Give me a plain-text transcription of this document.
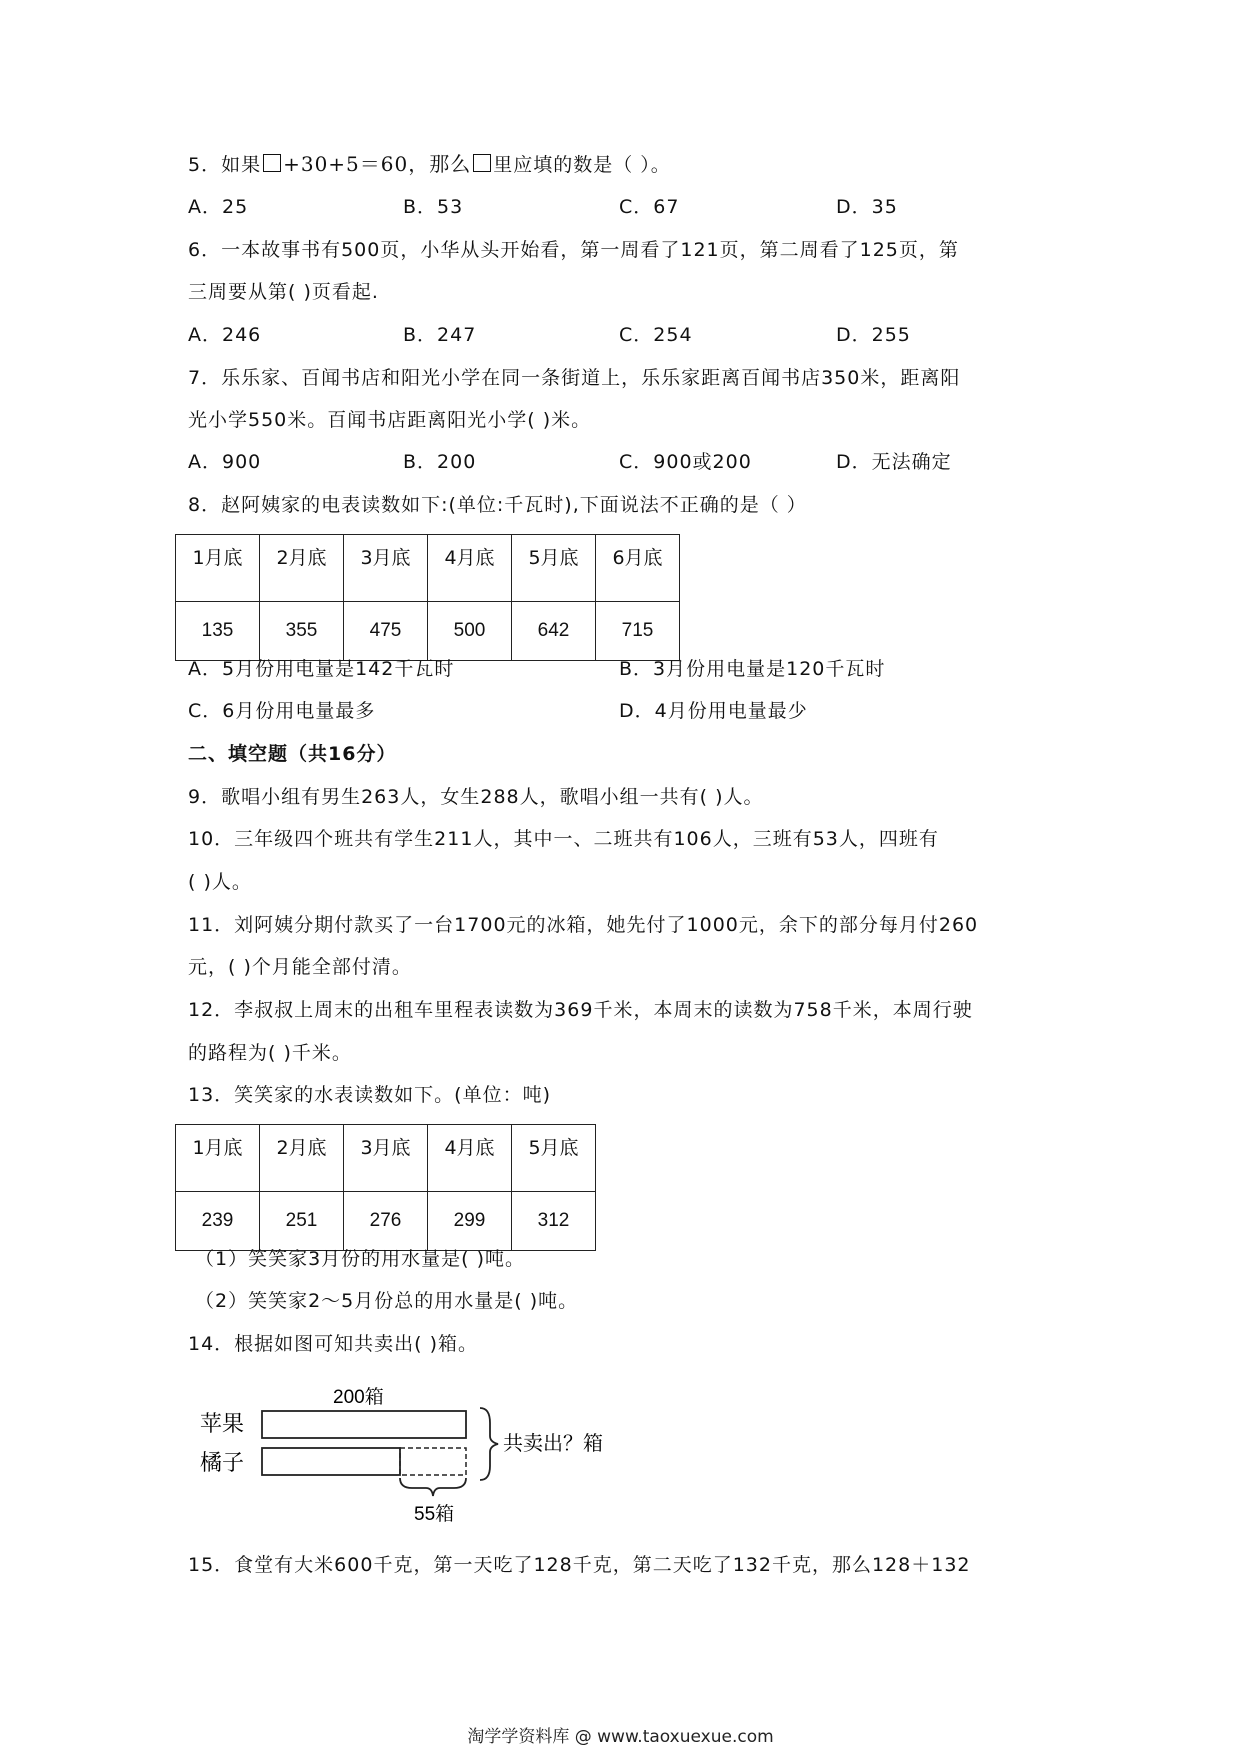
5．如果 +30+5＝60，那么 里应填的数是（ ）。
A．25	B．53	C．67	D．35
6．一本故事书有500页，小华从头开始看，第一周看了121页，第二周看了125页，第
三周要从第( )页看起.
A．246	B．247	C．254	D．255
7．乐乐家、百闻书店和阳光小学在同一条街道上，乐乐家距离百闻书店350米，距离阳
光小学550米。百闻书店距离阳光小学( )米。
A．900	B．200	C．900或200	D．无法确定
8．赵阿姨家的电表读数如下:(单位:千瓦时),下面说法不正确的是（ ）
1月底	2月底	3月底	4月底	5月底	6月底
135	355	475	500	642	715
A．5月份用电量是142千瓦时	B．3月份用电量是120千瓦时
C．6月份用电量最多	D．4月份用电量最少
二、填空题（共16分）
9．歌唱小组有男生263人，女生288人，歌唱小组一共有( )人。
10．三年级四个班共有学生211人，其中一、二班共有106人，三班有53人，四班有
( )人。
11．刘阿姨分期付款买了一台1700元的冰箱，她先付了1000元，余下的部分每月付260
元，( )个月能全部付清。
12．李叔叔上周末的出租车里程表读数为369千米，本周末的读数为758千米，本周行驶
的路程为( )千米。
13．笑笑家的水表读数如下。(单位：吨)
1月底	2月底	3月底	4月底	5月底
239	251	276	299	312
（1）笑笑家3月份的用水量是( )吨。
（2）笑笑家2～5月份总的用水量是( )吨。
14．根据如图可知共卖出( )箱。
200箱
苹果
橘子
共卖出？箱
55箱
15．食堂有大米600千克，第一天吃了128千克，第二天吃了132千克，那么128＋132
淘学学资料库 @ www.taoxuexue.com
